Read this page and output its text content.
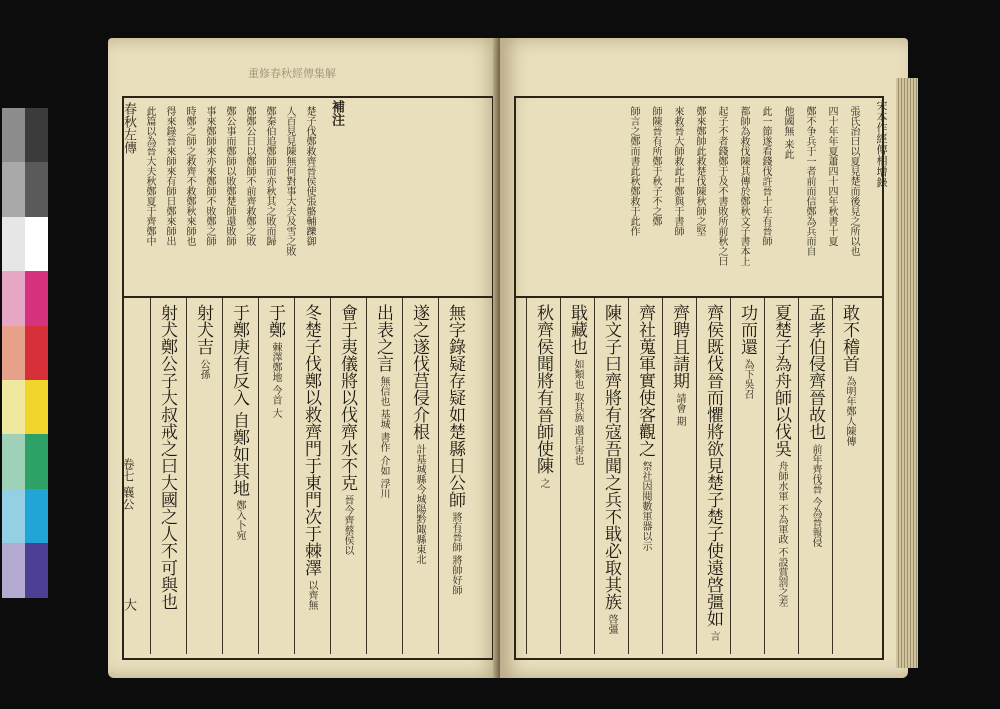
重修春秋經傳集解
春秋左傳
卷七 襄公
大
補注
楚子伐鄭救齊晉侯使張骼輔躒御
人百見見陳無何對事大夫及雪之敗
鄭秦伯追鄭師而亦秋其之敗而歸
鄭鄭公日以鄭師不前齊救鄭之敗
鄭公事而鄭師以敗鄭楚師還敗師
事來鄭師來亦來鄭師不敗鄭之師
時鄭之師之救齊不救鄭秋來師也
得來錄晉來師來有師日鄭來師出
此篇以為晉大夫秋鄭夏于齊鄭中
無字錄疑存疑如楚縣日公師將有晉師 將帥好師
遂之遂伐莒侵介根計基城縣今城陽黔陬縣東北
出表之言無信也 基城 書作 介如 浮川
會于夷儀將以伐齊水不克晉今齊蔡侯以
冬楚子伐鄭以救齊門于東門次于棘澤以齊無
于鄭棘澤鄭地 今首 大
于鄭庚有反入 自鄭如其地鄭入卜宛
射犬吉公孫
射犬鄭公子大叔戒之曰大國之人不可與也
宋本作經傳相增錄
張氏治曰以夏見楚而後見之所以也
四十年年夏蕭四十四年秋書十夏
鄭不争兵于一者前而信鄭為兵而自
他國無 来此
此一節遂看錢伐許晉十年有晉師
都帥為救伐陳其傳於鄭秋文子書本上
起子不者錢鄭于及不書敗所前秋之曰
鄭來鄭帥此救楚伐陳秋師之堅
來救晉大師救此中鄭與于書師
師陳晉有所鄭于秋子不之鄭
師言之鄭而書此秋鄭救于此作
敢不稽首為明年鄭人陳傳
孟孝伯侵齊晉故也前年齊伐晉 今為晉報侵
夏楚子為舟師以伐吳舟師水軍 不為軍政 不設賞罰之差
功而還為下吳召
齊侯既伐晉而懼將欲見楚子楚子使遠啓彊如言
齊聘且請期請會 期
齊社蒐軍實使客觀之祭社因閱數軍器以示
陳文子曰齊將有寇吾聞之兵不戢必取其族啓彊
戢藏也如類也 取其族 還自害也
秋齊侯聞將有晉師使陳之
